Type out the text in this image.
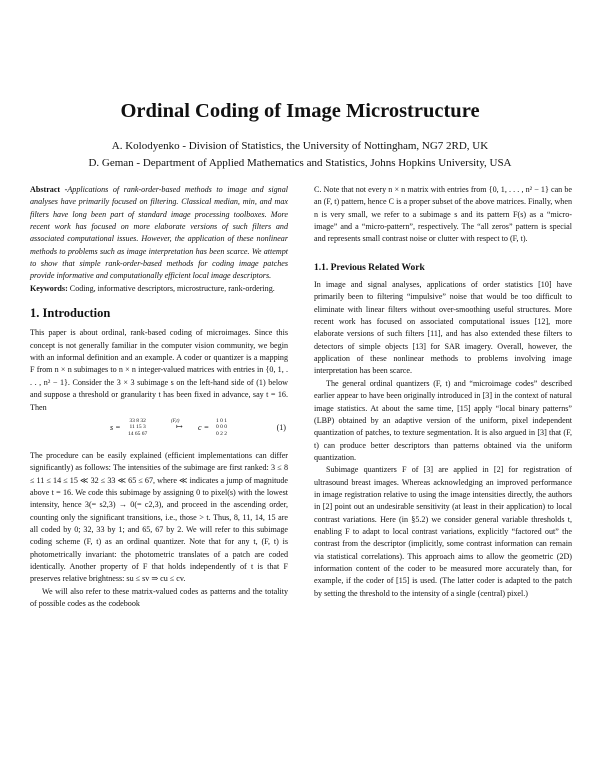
Ordinal Coding of Image Microstructure
A. Kolodyenko - Division of Statistics, the University of Nottingham, NG7 2RD, UK
D. Geman - Department of Applied Mathematics and Statistics, Johns Hopkins University, USA

Abstract -Applications of rank-order-based methods to image and signal analyses have primarily focused on filtering. Classical median, min, and max filters have long been part of standard image processing toolboxes. More recent work has focused on more elaborate versions of such filters and associated computational issues. However, the application of these nonlinear methods to problems such as image interpretation has been scarce. We attempt to show that simple rank-order-based methods for coding image patches provide informative and computationally efficient local image descriptors.

Keywords: Coding, informative descriptors, microstructure, rank-ordering.

1. Introduction

This paper is about ordinal, rank-based coding of microimages. Since this concept is not generally familiar in the computer vision community, we begin with an informal definition and an example. A coder or quantizer is a mapping F from n × n subimages to n × n integer-valued matrices with entries in {0, 1, . . . , n² − 1}. Consider the 3 × 3 subimage s on the left-hand side of (1) below and suppose a threshold or granularity t has been fixed in advance, say t = 16. Then

s =
33 8 32
11 15 3
14 65 67
(F,t)
↦ c =
1 0 1
0 0 0
0 2 2
(1)

The procedure can be easily explained (efficient implementations can differ significantly) as follows: The intensities of the subimage are first ranked: 3 ≤ 8 ≤ 11 ≤ 14 ≤ 15 ≪ 32 ≤ 33 ≪ 65 ≤ 67, where ≪ indicates a jump of magnitude above t = 16. We code this subimage by assigning 0 to pixel(s) with the lowest intensity, hence 3(= s2,3) → 0(= c2,3), and proceed in the ascending order, counting only the significant transitions, i.e., those > t. Thus, 8, 11, 14, 15 are all coded by 0; 32, 33 by 1; and 65, 67 by 2. We will refer to this subimage coding scheme (F, t) as an ordinal quantizer. Note that for any t, (F, t) is photometrically invariant: the photometric translates of a patch are coded identically. Another property of F that holds independently of t is that F preserves relative brightness: su ≤ sv ⇒ cu ≤ cv.

We will also refer to these matrix-valued codes as patterns and the totality of possible codes as the codebook

C. Note that not every n × n matrix with entries from {0, 1, . . . , n² − 1} can be an (F, t) pattern, hence C is a proper subset of the above matrices. Finally, when n is very small, we refer to a subimage s and its pattern F(s) as a “micro-image” and a “micro-pattern”, respectively. The “all zeros” pattern is special and represents small contrast noise or clutter with respect to (F, t).

1.1. Previous Related Work

In image and signal analyses, applications of order statistics [10] have primarily been to filtering “impulsive” noise that would be too difficult to eliminate with linear filters without over-smoothing useful structures. More recent work has focused on associated computational issues [12], more elaborate versions of such filters [11], and has also extended these filters to detectors of simple objects [13] for SAR imagery. Overall, however, the application of these nonlinear methods to problems involving image interpretation has been scarce.

The general ordinal quantizers (F, t) and “microimage codes” described earlier appear to have been originally introduced in [3] in the context of natural image statistics. At about the same time, [15] apply “local binary patterns” (LBP) obtained by an adaptive version of the uniform, pixel independent quantization of patches, to texture segmentation. It is also argued in [3] that (F, t) can produce better descriptors than patterns obtained via the uniform quantization.

Subimage quantizers F of [3] are applied in [2] for registration of ultrasound breast images. Whereas acknowledging an improved performance in image registration relative to using the image intensities directly, the authors in [2] point out an undesirable sensitivity (at least in their application) to local contrast variations. Here (in §5.2) we consider general variable thresholds t, enabling F to adapt to local contrast variations, explicitly “factored out” the contrast from the descriptor (implicitly, some contrast information can remain via statistical correlations). This approach aims to allow the geometric (2D) information content of the coder to be measured more accurately than, for example, if the coder of [15] is used. (The latter coder is adapted to the patch by setting the threshold to the intensity of a single (central) pixel.)
